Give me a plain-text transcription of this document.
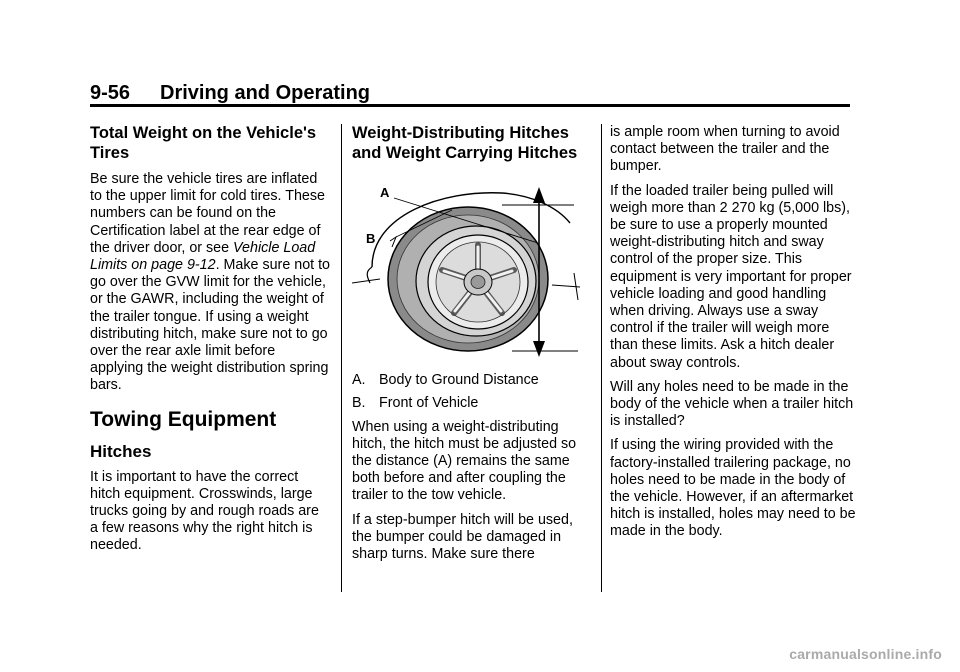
9-56 Driving and Operating
Total Weight on the Vehicle's Tires

Be sure the vehicle tires are inflated to the upper limit for cold tires. These numbers can be found on the Certification label at the rear edge of the driver door, or see Vehicle Load Limits on page 9-12. Make sure not to go over the GVW limit for the vehicle, or the GAWR, including the weight of the trailer tongue. If using a weight distributing hitch, make sure not to go over the rear axle limit before applying the weight distribution spring bars.

Towing Equipment
Hitches

It is important to have the correct hitch equipment. Crosswinds, large trucks going by and rough roads are a few reasons why the right hitch is needed.

Weight-Distributing Hitches and Weight Carrying Hitches
A
B

A. Body to Ground Distance

B. Front of Vehicle

When using a weight-distributing hitch, the hitch must be adjusted so the distance (A) remains the same both before and after coupling the trailer to the tow vehicle.

If a step-bumper hitch will be used, the bumper could be damaged in sharp turns. Make sure there

is ample room when turning to avoid contact between the trailer and the bumper.

If the loaded trailer being pulled will weigh more than 2 270 kg (5,000 lbs), be sure to use a properly mounted weight-distributing hitch and sway control of the proper size. This equipment is very important for proper vehicle loading and good handling when driving. Always use a sway control if the trailer will weigh more than these limits. Ask a hitch dealer about sway controls.

Will any holes need to be made in the body of the vehicle when a trailer hitch is installed?

If using the wiring provided with the factory-installed trailering package, no holes need to be made in the body of the vehicle. However, if an aftermarket hitch is installed, holes may need to be made in the body.

carmanualsonline.info
